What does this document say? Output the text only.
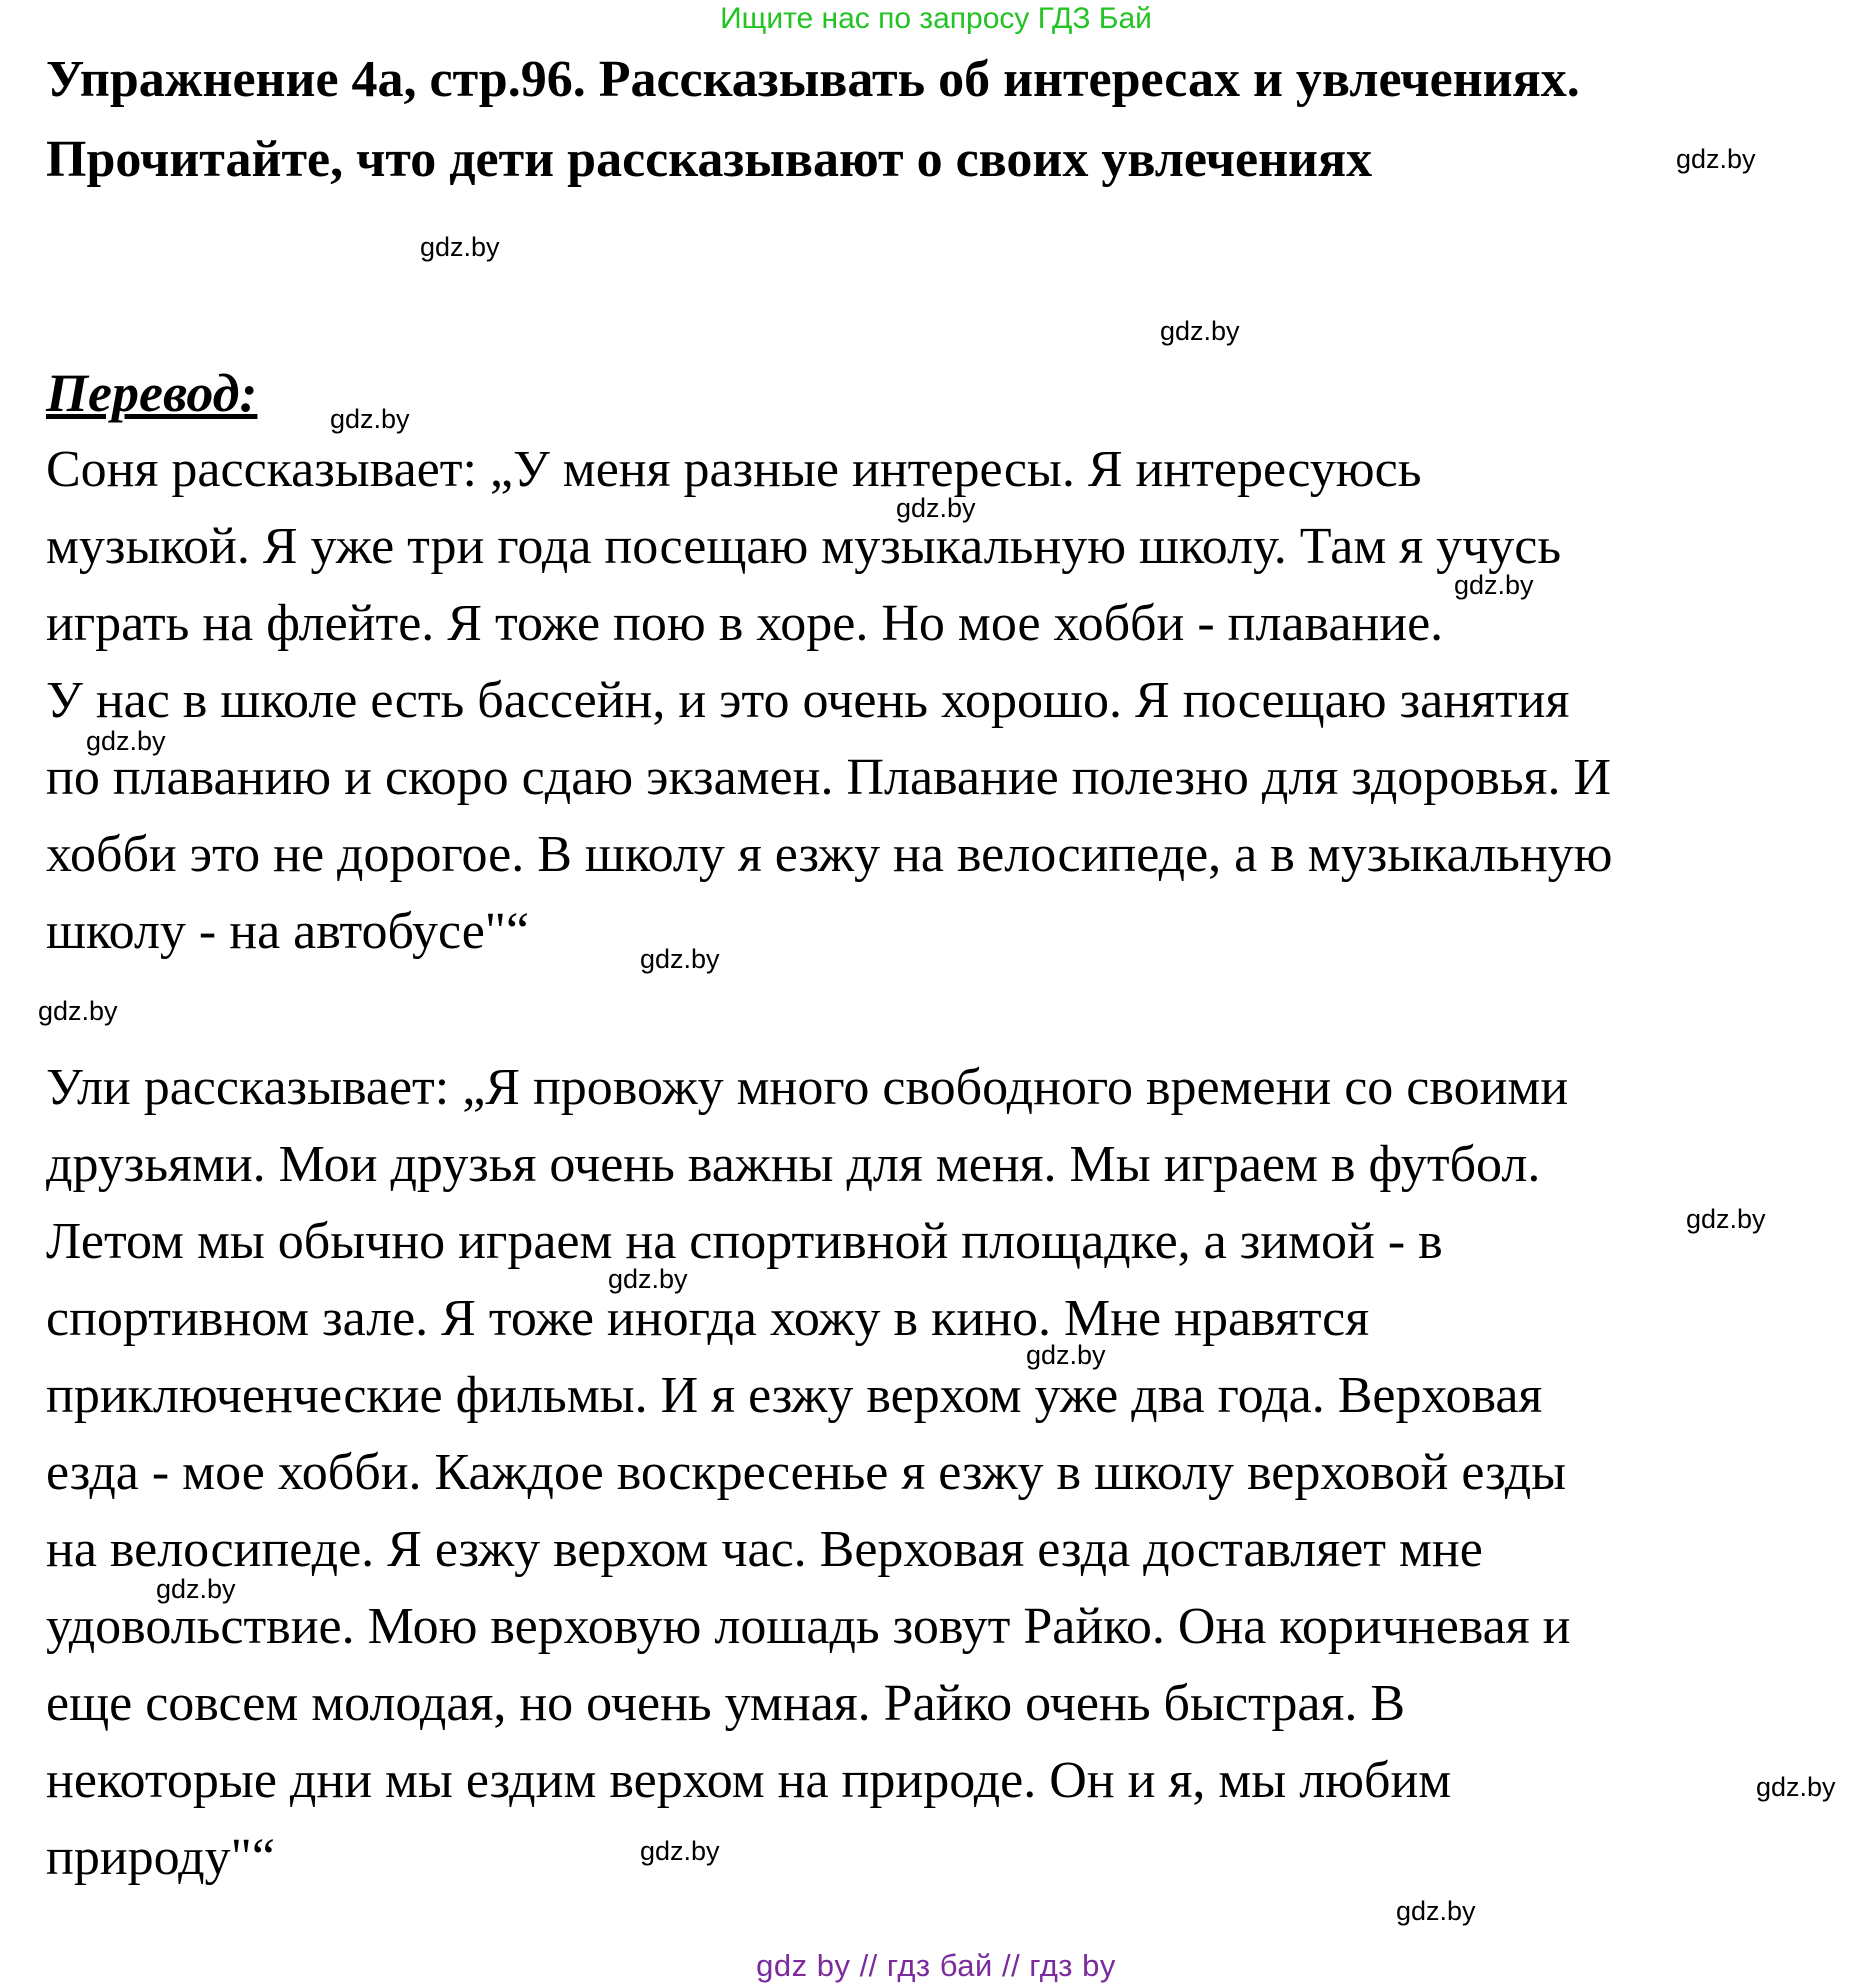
Ищите нас по запросу ГДЗ Бай
Упражнение 4а, стр.96. Рассказывать об интересах и увлечениях.
Прочитайте, что дети рассказывают о своих увлечениях
Перевод:
Соня рассказывает: „У меня разные интересы. Я интересуюсь
музыкой. Я уже три года посещаю музыкальную школу. Там я учусь
играть на флейте. Я тоже пою в хоре. Но мое хобби - плавание.
У нас в школе есть бассейн, и это очень хорошо. Я посещаю занятия
по плаванию и скоро сдаю экзамен. Плавание полезно для здоровья. И
хобби это не дорогое. В школу я езжу на велосипеде, а в музыкальную
школу - на автобусе"“
Ули рассказывает: „Я провожу много свободного времени со своими
друзьями. Мои друзья очень важны для меня. Мы играем в футбол.
Летом мы обычно играем на спортивной площадке, а зимой - в
спортивном зале. Я тоже иногда хожу в кино. Мне нравятся
приключенческие фильмы. И я езжу верхом уже два года. Верховая
езда - мое хобби. Каждое воскресенье я езжу в школу верховой езды
на велосипеде. Я езжу верхом час. Верховая езда доставляет мне
удовольствие. Мою верховую лошадь зовут Райко. Она коричневая и
еще совсем молодая, но очень умная. Райко очень быстрая. В
некоторые дни мы ездим верхом на природе. Он и я, мы любим
природу"“
gdz.by
gdz.by
gdz.by
gdz.by
gdz.by
gdz.by
gdz.by
gdz.by
gdz.by
gdz.by
gdz.by
gdz.by
gdz.by
gdz.by
gdz.by
gdz.by
gdz by // гдз бай // гдз by
